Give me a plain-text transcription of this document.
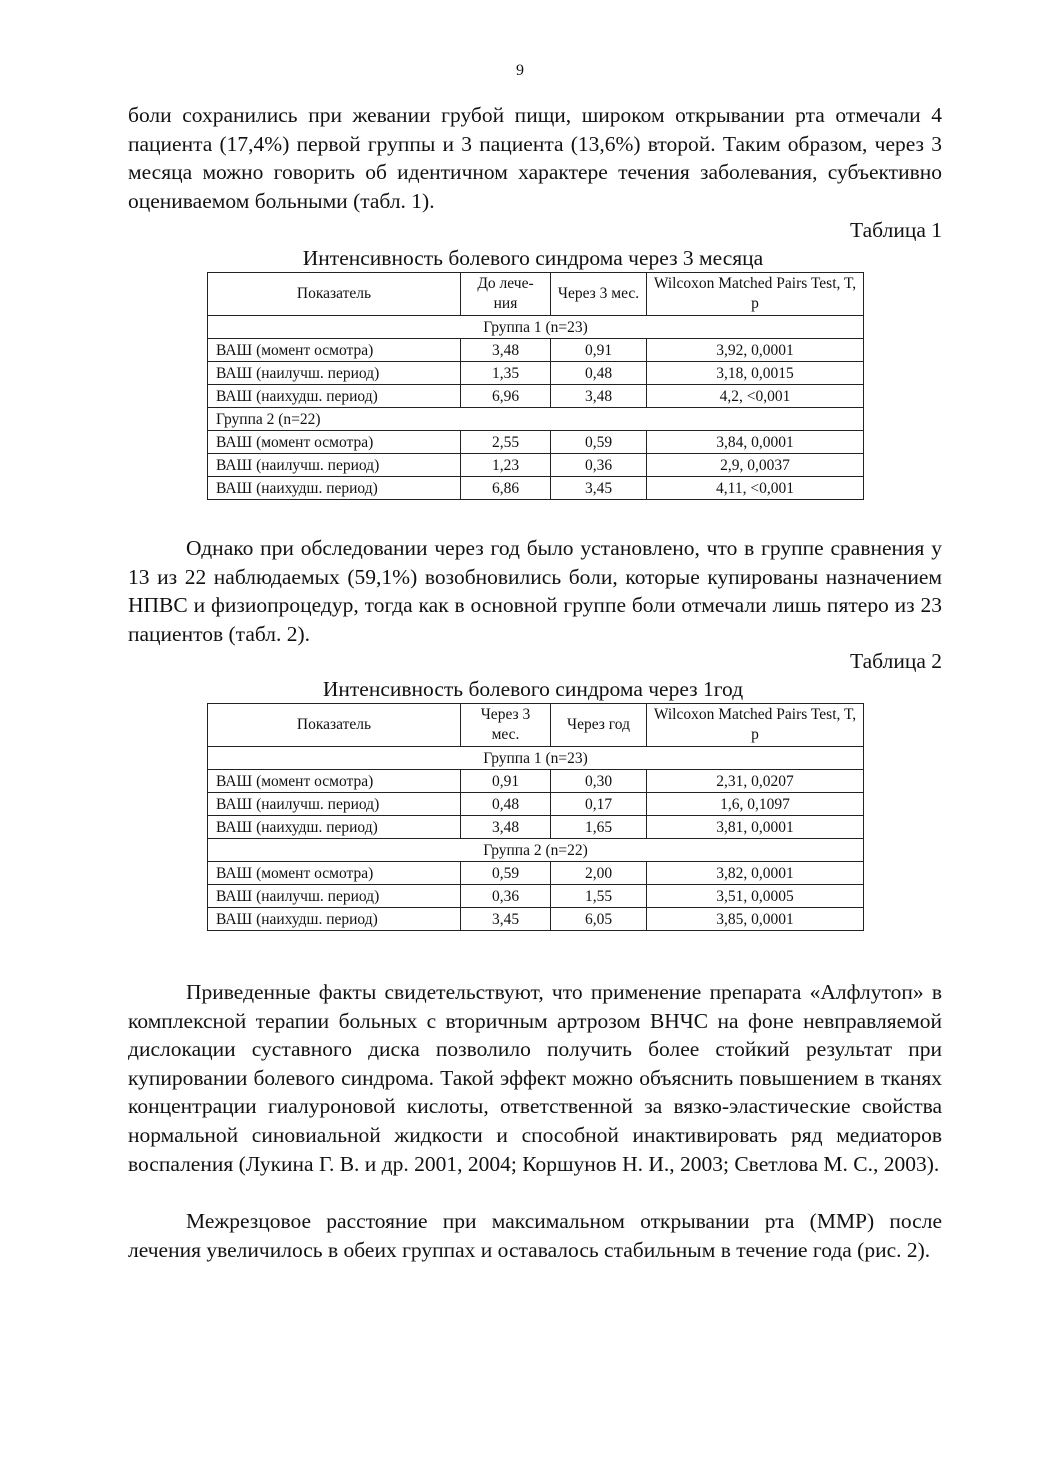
9

боли сохранились при жевании грубой пищи, широком открывании рта отмечали 4 пациента (17,4%) первой группы и 3 пациента (13,6%) второй. Таким образом, через 3 месяца можно говорить об идентичном характере течения заболевания, субъективно оцениваемом больными (табл. 1).

Таблица 1
Интенсивность болевого синдрома через 3 месяца
Показатель	До лече-ния	Через 3 мес.	Wilcoxon Matched Pairs Test, T, p
Группа 1 (n=23)			
ВАШ (момент осмотра)	3,48	0,91	3,92, 0,0001
ВАШ (наилучш. период)	1,35	0,48	3,18, 0,0015
ВАШ (наихудш. период)	6,96	3,48	4,2, <0,001
Группа 2 (n=22)			
ВАШ (момент осмотра)	2,55	0,59	3,84, 0,0001
ВАШ (наилучш. период)	1,23	0,36	2,9, 0,0037
ВАШ (наихудш. период)	6,86	3,45	4,11, <0,001

Однако при обследовании через год было установлено, что в группе сравнения у 13 из 22 наблюдаемых (59,1%) возобновились боли, которые купированы назначением НПВС и физиопроцедур, тогда как в основной группе боли отмечали лишь пятеро из 23 пациентов (табл. 2).

Таблица 2
Интенсивность болевого синдрома через 1год
Показатель	Через 3 мес.	Через год	Wilcoxon Matched Pairs Test, T, p
Группа 1 (n=23)			
ВАШ (момент осмотра)	0,91	0,30	2,31, 0,0207
ВАШ (наилучш. период)	0,48	0,17	1,6, 0,1097
ВАШ (наихудш. период)	3,48	1,65	3,81, 0,0001
Группа 2 (n=22)			
ВАШ (момент осмотра)	0,59	2,00	3,82, 0,0001
ВАШ (наилучш. период)	0,36	1,55	3,51, 0,0005
ВАШ (наихудш. период)	3,45	6,05	3,85, 0,0001

Приведенные факты свидетельствуют, что применение препарата «Алфлутоп» в комплексной терапии больных с вторичным артрозом ВНЧС на фоне невправляемой дислокации суставного диска позволило получить более стойкий результат при купировании болевого синдрома. Такой эффект можно объяснить повышением в тканях концентрации гиалуроновой кислоты, ответственной за вязко-эластические свойства нормальной синовиальной жидкости и способной инактивировать ряд медиаторов воспаления (Лукина Г. В. и др. 2001, 2004; Коршунов Н. И., 2003; Светлова М. С., 2003).

Межрезцовое расстояние при максимальном открывании рта (ММР) после лечения увеличилось в обеих группах и оставалось стабильным в течение года (рис. 2).
